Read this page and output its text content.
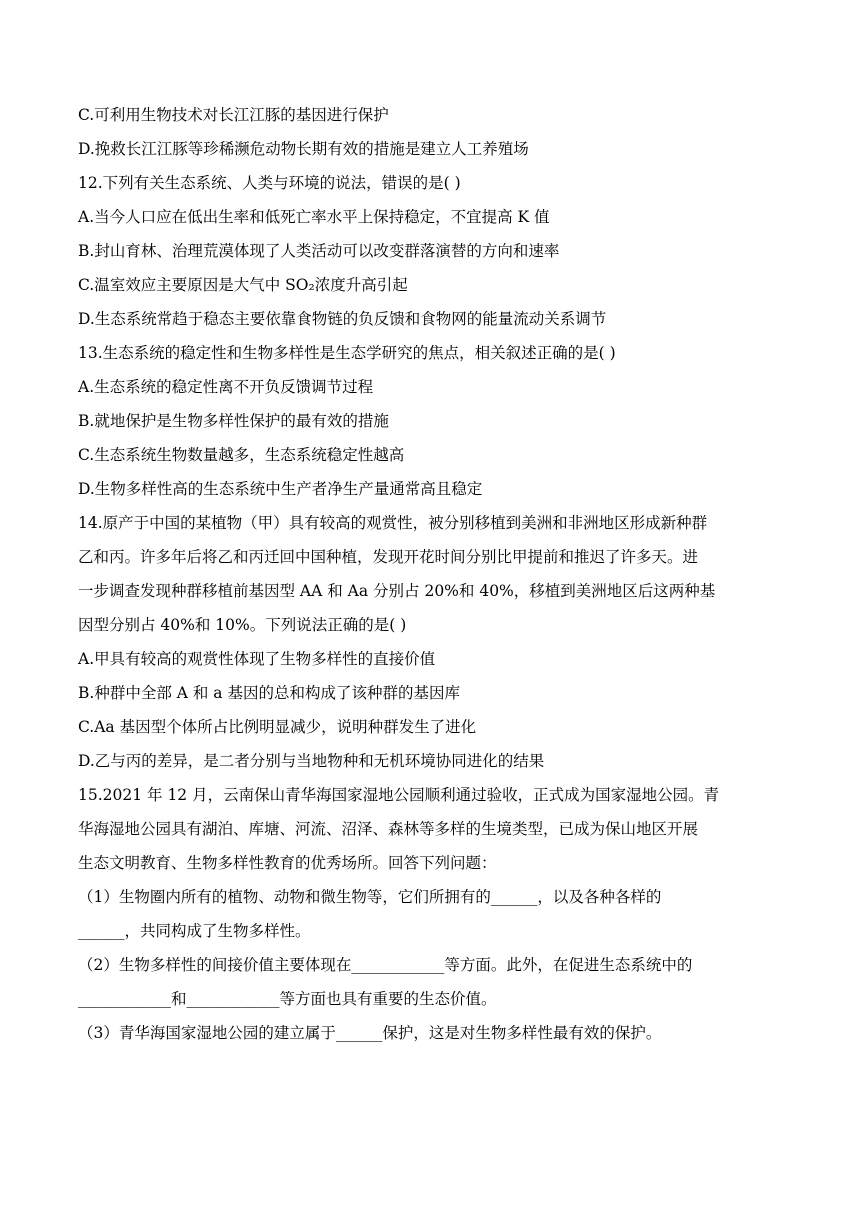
C.可利用生物技术对长江江豚的基因进行保护
D.挽救长江江豚等珍稀濒危动物长期有效的措施是建立人工养殖场
12.下列有关生态系统、人类与环境的说法，错误的是( )
A.当今人口应在低出生率和低死亡率水平上保持稳定，不宜提高 K 值
B.封山育林、治理荒漠体现了人类活动可以改变群落演替的方向和速率
C.温室效应主要原因是大气中 SO₂浓度升高引起
D.生态系统常趋于稳态主要依靠食物链的负反馈和食物网的能量流动关系调节
13.生态系统的稳定性和生物多样性是生态学研究的焦点，相关叙述正确的是( )
A.生态系统的稳定性离不开负反馈调节过程
B.就地保护是生物多样性保护的最有效的措施
C.生态系统生物数量越多，生态系统稳定性越高
D.生物多样性高的生态系统中生产者净生产量通常高且稳定
14.原产于中国的某植物（甲）具有较高的观赏性，被分别移植到美洲和非洲地区形成新种群
乙和丙。许多年后将乙和丙迁回中国种植，发现开花时间分别比甲提前和推迟了许多天。进
一步调查发现种群移植前基因型 AA 和 Aa 分别占 20%和 40%，移植到美洲地区后这两种基
因型分别占 40%和 10%。下列说法正确的是( )
A.甲具有较高的观赏性体现了生物多样性的直接价值
B.种群中全部 A 和 a 基因的总和构成了该种群的基因库
C.Aa 基因型个体所占比例明显减少，说明种群发生了进化
D.乙与丙的差异，是二者分别与当地物种和无机环境协同进化的结果
15.2021 年 12 月，云南保山青华海国家湿地公园顺利通过验收，正式成为国家湿地公园。青
华海湿地公园具有湖泊、库塘、河流、沼泽、森林等多样的生境类型，已成为保山地区开展
生态文明教育、生物多样性教育的优秀场所。回答下列问题：
（1）生物圈内所有的植物、动物和微生物等，它们所拥有的______，以及各种各样的
______，共同构成了生物多样性。
（2）生物多样性的间接价值主要体现在____________等方面。此外，在促进生态系统中的
____________和____________等方面也具有重要的生态价值。
（3）青华海国家湿地公园的建立属于______保护，这是对生物多样性最有效的保护。
